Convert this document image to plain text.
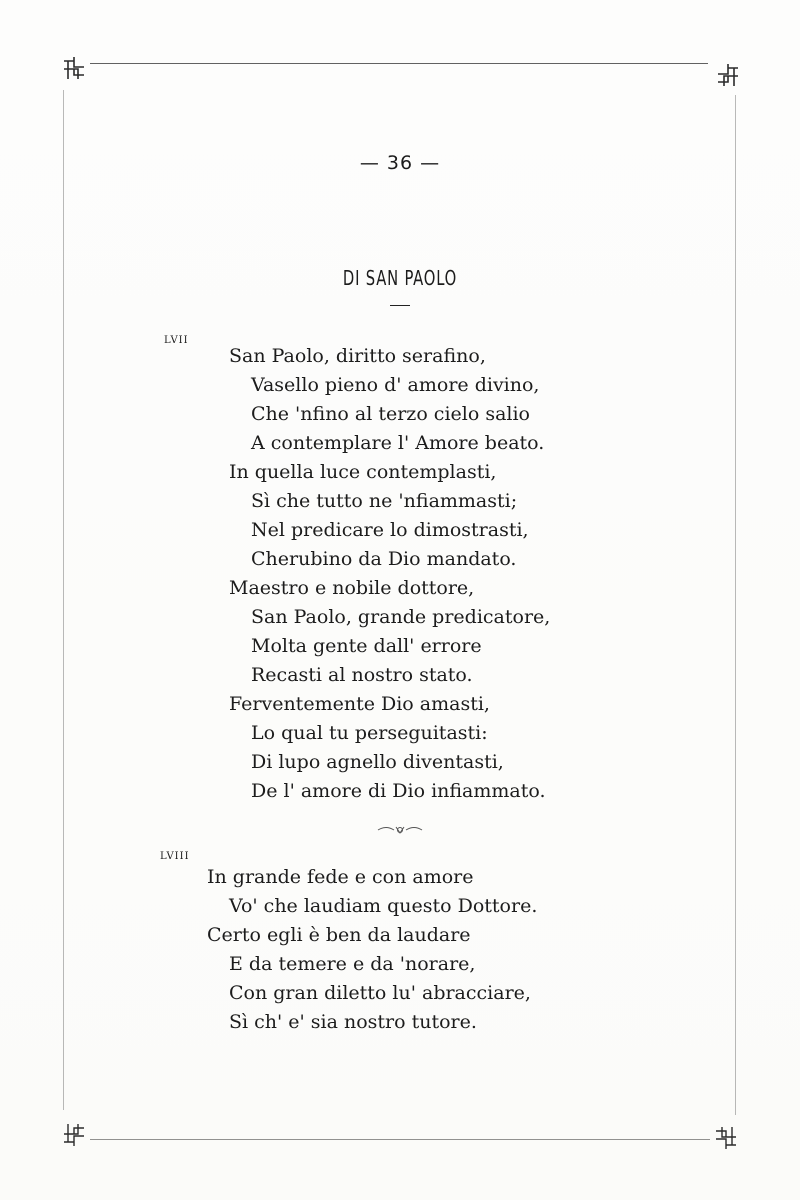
— 36 —
DI SAN PAOLO
LVII
San Paolo, diritto serafino,
Vasello pieno d' amore divino,
Che 'nfino al terzo cielo salio
A contemplare l' Amore beato.
In quella luce contemplasti,
Sì che tutto ne 'nfiammasti;
Nel predicare lo dimostrasti,
Cherubino da Dio mandato.
Maestro e nobile dottore,
San Paolo, grande predicatore,
Molta gente dall' errore
Recasti al nostro stato.
Ferventemente Dio amasti,
Lo qual tu perseguitasti:
Di lupo agnello diventasti,
De l' amore di Dio infiammato.
LVIII
In grande fede e con amore
Vo' che laudiam questo Dottore.
Certo egli è ben da laudare
E da temere e da 'norare,
Con gran diletto lu' abracciare,
Sì ch' e' sia nostro tutore.
